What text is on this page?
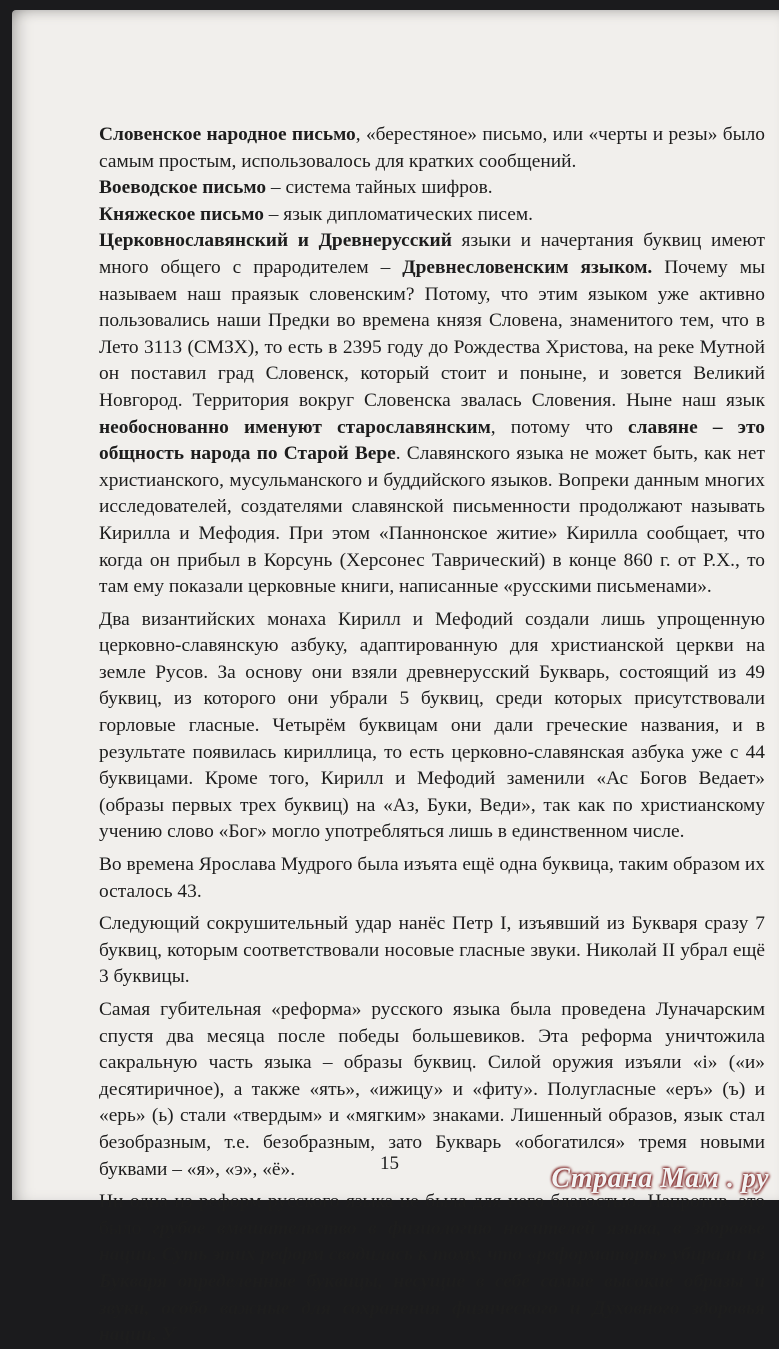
Словенское народное письмо, «берестяное» письмо, или «черты и резы» было самым простым, использовалось для кратких сообщений.

Воеводское письмо – система тайных шифров.

Княжеское письмо – язык дипломатических писем.

Церковнославянский и Древнерусский языки и начертания буквиц имеют много общего с прародителем – Древнесловенским языком. Почему мы называем наш праязык словенским? Потому, что этим языком уже активно пользовались наши Предки во времена князя Словена, знаменитого тем, что в Лето 3113 (СМЗХ), то есть в 2395 году до Рождества Христова, на реке Мутной он поставил град Словенск, который стоит и поныне, и зовется Великий Новгород. Территория вокруг Словенска звалась Словения. Ныне наш язык необоснованно именуют старославянским, потому что славяне – это общность народа по Старой Вере. Славянского языка не может быть, как нет христианского, мусульманского и буддийского языков. Вопреки данным многих исследователей, создателями славянской письменности продолжают называть Кирилла и Мефодия. При этом «Паннонское житие» Кирилла сообщает, что когда он прибыл в Корсунь (Херсонес Таврический) в конце 860 г. от Р.Х., то там ему показали церковные книги, написанные «русскими письменами».

Два византийских монаха Кирилл и Мефодий создали лишь упрощенную церковно-славянскую азбуку, адаптированную для христианской церкви на земле Русов. За основу они взяли древнерусский Букварь, состоящий из 49 буквиц, из которого они убрали 5 буквиц, среди которых присутствовали горловые гласные. Четырём буквицам они дали греческие названия, и в результате появилась кириллица, то есть церковно-славянская азбука уже с 44 буквицами. Кроме того, Кирилл и Мефодий заменили «Ас Богов Ведает» (образы первых трех буквиц) на «Аз, Буки, Веди», так как по христианскому учению слово «Бог» могло употребляться лишь в единственном числе.

Во времена Ярослава Мудрого была изъята ещё одна буквица, таким образом их осталось 43.

Следующий сокрушительный удар нанёс Петр I, изъявший из Букваря сразу 7 буквиц, которым соответствовали носовые гласные звуки. Николай II убрал ещё 3 буквицы.

Самая губительная «реформа» русского языка была проведена Луначарским спустя два месяца после победы большевиков. Эта реформа уничтожила сакральную часть языка – образы буквиц. Силой оружия изъяли «i» («и» десятиричное), а также «ять», «ижицу» и «фиту». Полугласные «еръ» (ъ) и «ерь» (ь) стали «твердым» и «мягким» знаками. Лишенный образов, язык стал безобразным, т.е. безобразным, зато Букварь «обогатился» тремя новыми буквами – «я», «э», «ё».

Ни одна из реформ русского языка не была для него благостью. Напротив, это было грубое вмешательство в физиологию носителей языка, в здоровье нации. Суть этих реформ сводилась к тому, что «реформаторы» убирали из Букваря определенные буквицы, несущие в себе самые высокие образы и звуки, особо важные для сохранения физического и Духовного здоровья нации. У

15	Страна Мам . ру
